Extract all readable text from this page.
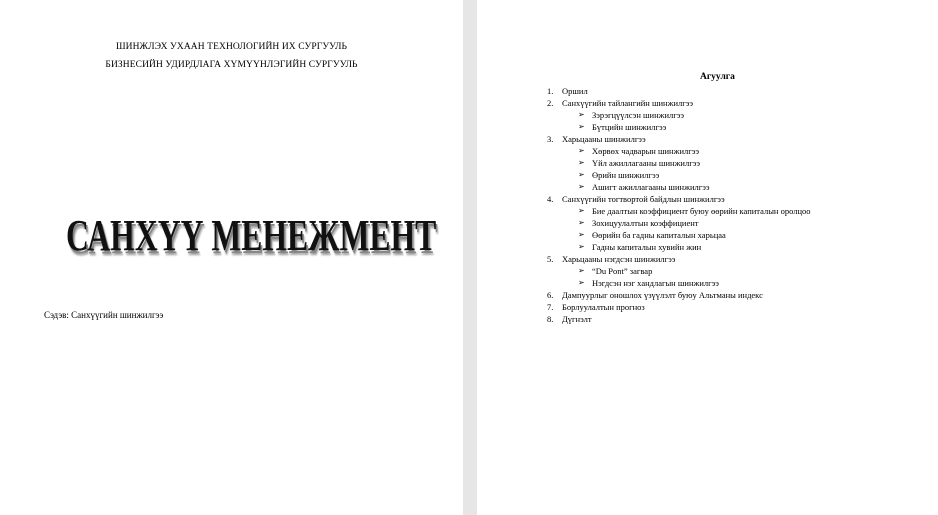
ШИНЖЛЭХ УХААН ТЕХНОЛОГИЙН ИХ СУРГУУЛЬ
БИЗНЕСИЙН УДИРДЛАГА ХҮМҮҮНЛЭГИЙН СУРГУУЛЬ
САНХҮҮ МЕНЕЖМЕНТ
Сэдэв: Санхүүгийн шинжилгээ
Агуулга
1.	Оршил
2.	Санхүүгийн тайлангийн шинжилгээ
➢ Зэрэгцүүлсэн шинжилгээ
➢ Бүтцийн шинжилгээ
3.	Харьцааны шинжилгээ
➢ Хөрвөх чадварын шинжилгээ
➢ Үйл ажиллагааны шинжилгээ
➢ Өрийн шинжилгээ
➢ Ашигт ажиллагааны шинжилгээ
4.	Санхүүгийн тогтвортой байдлын шинжилгээ
➢ Бие даалтын коэффициент буюу өөрийн капиталын оролцоо
➢ Зохицуулалтын коэффициент
➢ Өөрийн ба гадны капиталын харьцаа
➢ Гадны капиталын хувийн жин
5.	Харьцааны нэгдсэн шинжилгээ
➢ “Du Pont” загвар
➢ Нэгдсэн нэг хандлагын шинжилгээ
6.	Дампуурлыг оношлох үзүүлэлт буюу Альтманы индекс
7.	Борлуулалтын прогноз
8.	Дүгнэлт
